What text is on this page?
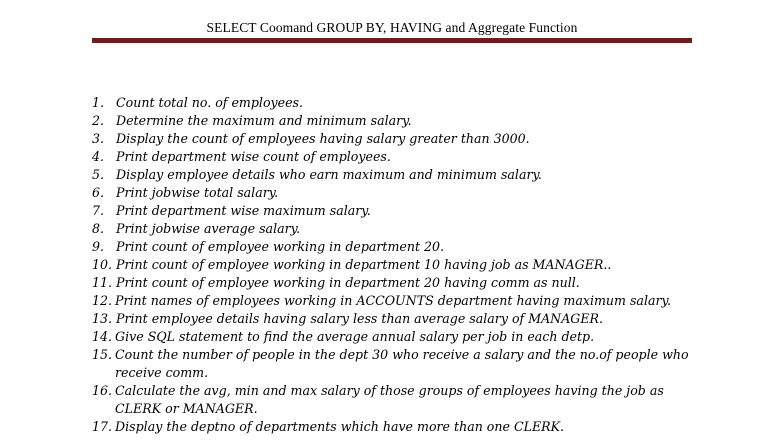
SELECT Coomand GROUP BY, HAVING and Aggregate Function
1. Count total no. of employees.
2. Determine the maximum and minimum salary.
3. Display the count of employees having salary greater than 3000.
4. Print department wise count of employees.
5. Display employee details who earn maximum and minimum salary.
6. Print jobwise total salary.
7. Print department wise maximum salary.
8. Print jobwise average salary.
9. Print count of employee working in department 20.
10. Print count of employee working in department 10 having job as MANAGER..
11. Print count of employee working in department 20 having comm as null.
12. Print names of employees working in ACCOUNTS department having maximum salary.
13. Print employee details having salary less than average salary of MANAGER.
14. Give SQL statement to find the average annual salary per job in each detp.
15. Count the number of people in the dept 30 who receive a salary and the no.of people who receive comm.
16. Calculate the avg, min and max salary of those groups of employees having the job as CLERK or MANAGER.
17. Display the deptno of departments which have more than one CLERK.
